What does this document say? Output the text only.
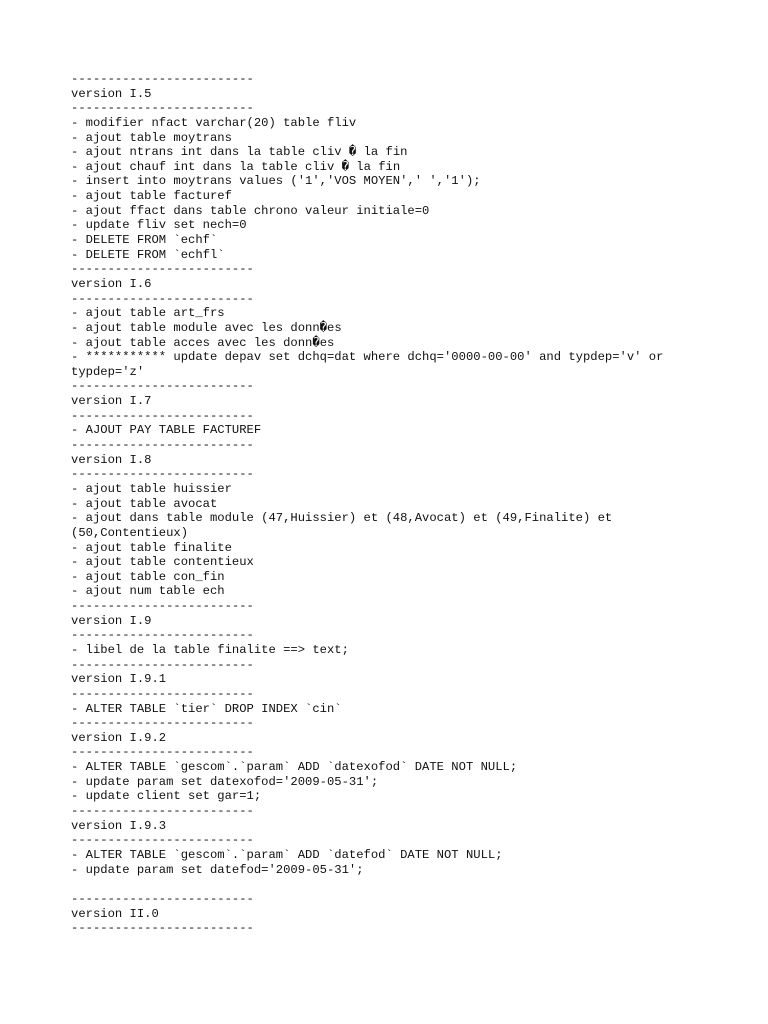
-------------------------
version I.5
-------------------------
- modifier nfact varchar(20) table fliv
- ajout table moytrans
- ajout ntrans int dans la table cliv � la fin
- ajout chauf int dans la table cliv � la fin
- insert into moytrans values ('1','VOS MOYEN',' ','1');
- ajout table facturef
- ajout ffact dans table chrono valeur initiale=0
- update fliv set nech=0
- DELETE FROM `echf`
- DELETE FROM `echfl`
-------------------------
version I.6
-------------------------
- ajout table art_frs
- ajout table module avec les donn�es
- ajout table acces avec les donn�es
- *********** update depav set dchq=dat where dchq='0000-00-00' and typdep='v' or
typdep='z'
-------------------------
version I.7
-------------------------
- AJOUT PAY TABLE FACTUREF
-------------------------
version I.8
-------------------------
- ajout table huissier
- ajout table avocat
- ajout dans table module (47,Huissier) et (48,Avocat) et (49,Finalite) et
(50,Contentieux)
- ajout table finalite
- ajout table contentieux
- ajout table con_fin
- ajout num table ech
-------------------------
version I.9
-------------------------
- libel de la table finalite ==> text;
-------------------------
version I.9.1
-------------------------
- ALTER TABLE `tier` DROP INDEX `cin`
-------------------------
version I.9.2
-------------------------
- ALTER TABLE `gescom`.`param` ADD `datexofod` DATE NOT NULL;
- update param set datexofod='2009-05-31';
- update client set gar=1;
-------------------------
version I.9.3
-------------------------
- ALTER TABLE `gescom`.`param` ADD `datefod` DATE NOT NULL;
- update param set datefod='2009-05-31';
-------------------------
version II.0
-------------------------
